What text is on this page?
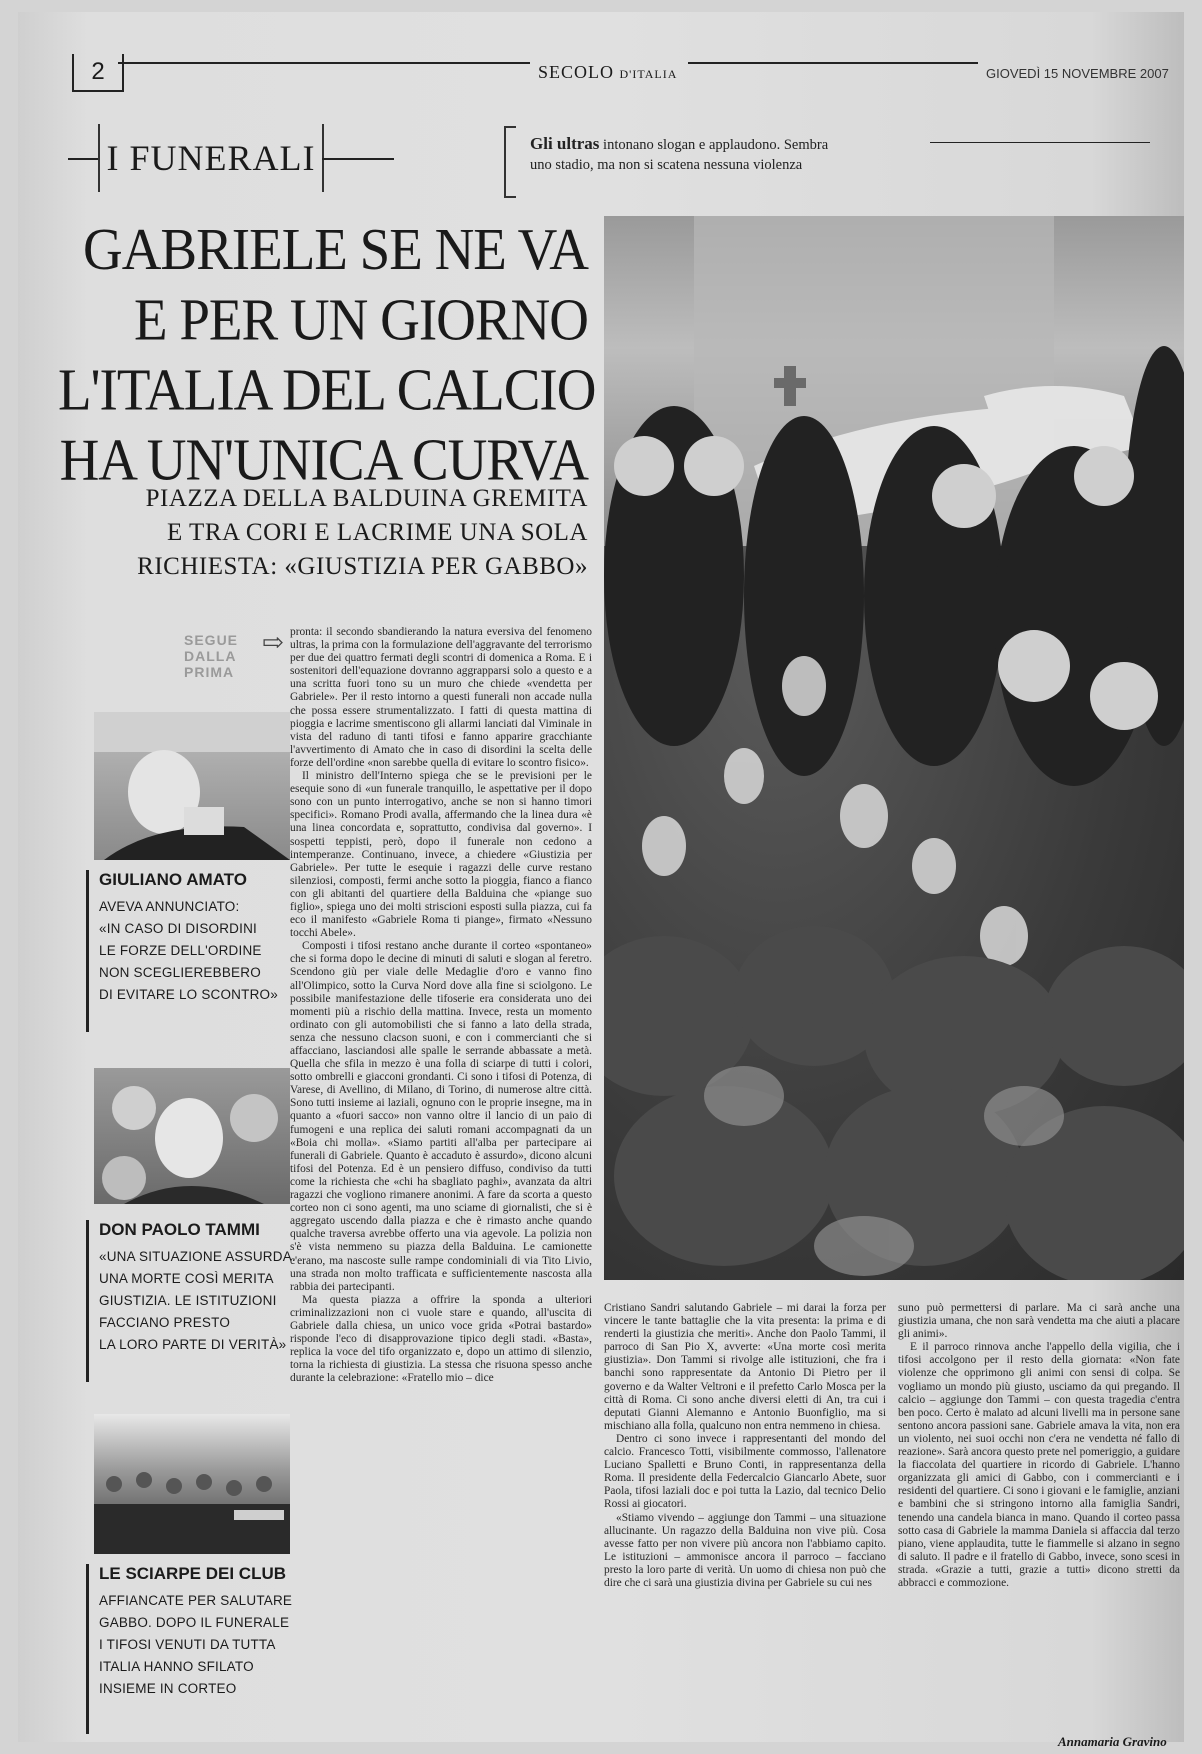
2	SECOLO D'ITALIA	GIOVEDÌ 15 NOVEMBRE 2007
I FUNERALI	Gli ultras intonano slogan e applaudono. Sembra
uno stadio, ma non si scatena nessuna violenza
GABRIELE SE NE VA
E PER UN GIORNO
L'ITALIA DEL CALCIO
HA UN'UNICA CURVA
PIAZZA DELLA BALDUINA GREMITA
E TRA CORI E LACRIME UNA SOLA
RICHIESTA: «GIUSTIZIA PER GABBO»
SEGUE
DALLA
PRIMA
⇨
GIULIANO AMATO
AVEVA ANNUNCIATO:
«IN CASO DI DISORDINI
LE FORZE DELL'ORDINE
NON SCEGLIEREBBERO
DI EVITARE LO SCONTRO»
DON PAOLO TAMMI
«UNA SITUAZIONE ASSURDA.
UNA MORTE COSÌ MERITA
GIUSTIZIA. LE ISTITUZIONI
FACCIANO PRESTO
LA LORO PARTE DI VERITÀ»
LE SCIARPE DEI CLUB
AFFIANCATE PER SALUTARE
GABBO. DOPO IL FUNERALE
I TIFOSI VENUTI DA TUTTA
ITALIA HANNO SFILATO
INSIEME IN CORTEO

pronta: il secondo sbandierando la natura eversiva del fenomeno ultras, la prima con la formulazione dell'aggravante del terrorismo per due dei quattro fermati degli scontri di domenica a Roma. E i sostenitori dell'equazione dovranno aggrapparsi solo a questo e a una scritta fuori tono su un muro che chiede «vendetta per Gabriele». Per il resto intorno a questi funerali non accade nulla che possa essere strumentalizzato. I fatti di questa mattina di pioggia e lacrime smentiscono gli allarmi lanciati dal Viminale in vista del raduno di tanti tifosi e fanno apparire gracchiante l'avvertimento di Amato che in caso di disordini la scelta delle forze dell'ordine «non sarebbe quella di evitare lo scontro fisico».

Il ministro dell'Interno spiega che se le previsioni per le esequie sono di «un funerale tranquillo, le aspettative per il dopo sono con un punto interrogativo, anche se non si hanno timori specifici». Romano Prodi avalla, affermando che la linea dura «è una linea concordata e, soprattutto, condivisa dal governo». I sospetti teppisti, però, dopo il funerale non cedono a intemperanze. Continuano, invece, a chiedere «Giustizia per Gabriele». Per tutte le esequie i ragazzi delle curve restano silenziosi, composti, fermi anche sotto la pioggia, fianco a fianco con gli abitanti del quartiere della Balduina che «piange suo figlio», spiega uno dei molti striscioni esposti sulla piazza, cui fa eco il manifesto «Gabriele Roma ti piange», firmato «Nessuno tocchi Abele».

Composti i tifosi restano anche durante il corteo «spontaneo» che si forma dopo le decine di minuti di saluti e slogan al feretro. Scendono giù per viale delle Medaglie d'oro e vanno fino all'Olimpico, sotto la Curva Nord dove alla fine si sciolgono. Le possibile manifestazione delle tifoserie era considerata uno dei momenti più a rischio della mattina. Invece, resta un momento ordinato con gli automobilisti che si fanno a lato della strada, senza che nessuno clacson suoni, e con i commercianti che si affacciano, lasciandosi alle spalle le serrande abbassate a metà. Quella che sfila in mezzo è una folla di sciarpe di tutti i colori, sotto ombrelli e giacconi grondanti. Ci sono i tifosi di Potenza, di Varese, di Avellino, di Milano, di Torino, di numerose altre città. Sono tutti insieme ai laziali, ognuno con le proprie insegne, ma in quanto a «fuori sacco» non vanno oltre il lancio di un paio di fumogeni e una replica dei saluti romani accompagnati da un «Boia chi molla». «Siamo partiti all'alba per partecipare ai funerali di Gabriele. Quanto è accaduto è assurdo», dicono alcuni tifosi del Potenza. Ed è un pensiero diffuso, condiviso da tutti come la richiesta che «chi ha sbagliato paghi», avanzata da altri ragazzi che vogliono rimanere anonimi. A fare da scorta a questo corteo non ci sono agenti, ma uno sciame di giornalisti, che si è aggregato uscendo dalla piazza e che è rimasto anche quando qualche traversa avrebbe offerto una via agevole. La polizia non s'è vista nemmeno su piazza della Balduina. Le camionette c'erano, ma nascoste sulle rampe condominiali di via Tito Livio, una strada non molto trafficata e sufficientemente nascosta alla rabbia dei partecipanti.

Ma questa piazza a offrire la sponda a ulteriori criminalizzazioni non ci vuole stare e quando, all'uscita di Gabriele dalla chiesa, un unico voce grida «Potrai bastardo» risponde l'eco di disapprovazione tipico degli stadi. «Basta», replica la voce del tifo organizzato e, dopo un attimo di silenzio, torna la richiesta di giustizia. La stessa che risuona spesso anche durante la celebrazione: «Fratello mio – dice

Cristiano Sandri salutando Gabriele – mi darai la forza per vincere le tante battaglie che la vita presenta: la prima e di renderti la giustizia che meriti». Anche don Paolo Tammi, il parroco di San Pio X, avverte: «Una morte così merita giustizia». Don Tammi si rivolge alle istituzioni, che fra i banchi sono rappresentate da Antonio Di Pietro per il governo e da Walter Veltroni e il prefetto Carlo Mosca per la città di Roma. Ci sono anche diversi eletti di An, tra cui i deputati Gianni Alemanno e Antonio Buonfiglio, ma si mischiano alla folla, qualcuno non entra nemmeno in chiesa.

Dentro ci sono invece i rappresentanti del mondo del calcio. Francesco Totti, visibilmente commosso, l'allenatore Luciano Spalletti e Bruno Conti, in rappresentanza della Roma. Il presidente della Federcalcio Giancarlo Abete, suor Paola, tifosi laziali doc e poi tutta la Lazio, dal tecnico Delio Rossi ai giocatori.

«Stiamo vivendo – aggiunge don Tammi – una situazione allucinante. Un ragazzo della Balduina non vive più. Cosa avesse fatto per non vivere più ancora non l'abbiamo capito. Le istituzioni – ammonisce ancora il parroco – facciano presto la loro parte di verità. Un uomo di chiesa non può che dire che ci sarà una giustizia divina per Gabriele su cui nes

suno può permettersi di parlare. Ma ci sarà anche una giustizia umana, che non sarà vendetta ma che aiuti a placare gli animi».

E il parroco rinnova anche l'appello della vigilia, che i tifosi accolgono per il resto della giornata: «Non fate violenze che opprimono gli animi con sensi di colpa. Se vogliamo un mondo più giusto, usciamo da qui pregando. Il calcio – aggiunge don Tammi – con questa tragedia c'entra ben poco. Certo è malato ad alcuni livelli ma in persone sane sentono ancora passioni sane. Gabriele amava la vita, non era un violento, nei suoi occhi non c'era ne vendetta né fallo di reazione». Sarà ancora questo prete nel pomeriggio, a guidare la fiaccolata del quartiere in ricordo di Gabriele. L'hanno organizzata gli amici di Gabbo, con i commercianti e i residenti del quartiere. Ci sono i giovani e le famiglie, anziani e bambini che si stringono intorno alla famiglia Sandri, tenendo una candela bianca in mano. Quando il corteo passa sotto casa di Gabriele la mamma Daniela si affaccia dal terzo piano, viene applaudita, tutte le fiammelle si alzano in segno di saluto. Il padre e il fratello di Gabbo, invece, sono scesi in strada. «Grazie a tutti, grazie a tutti» dicono stretti da abbracci e commozione.

Annamaria Gravino
